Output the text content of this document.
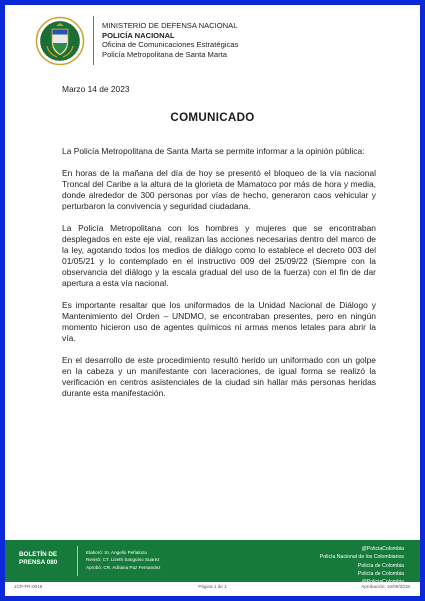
MINISTERIO DE DEFENSA NACIONAL
POLICÍA NACIONAL
Oficina de Comunicaciones Estratégicas
Policía Metropolitana de Santa Marta
Marzo 14 de 2023
COMUNICADO

La Policía Metropolitana de Santa Marta se permite informar a la opinión pública:

En horas de la mañana del día de hoy se presentó el bloqueo de la vía nacional Troncal del Caribe a la altura de la glorieta de Mamatoco por más de hora y media, donde alrededor de 300 personas por vías de hecho, generaron caos vehicular y perturbaron la convivencia y seguridad ciudadana.

La Policía Metropolitana con los hombres y mujeres que se encontraban desplegados en este eje vial, realizan las acciones necesarias dentro del marco de la ley, agotando todos los medios de diálogo como lo establece el decreto 003 del 01/05/21 y lo contemplado en el instructivo 009 del 25/09/22 (Siempre con la observancia del diálogo y la escala gradual del uso de la fuerza) con el fin de dar apertura a esta vía nacional.

Es importante resaltar que los uniformados de la Unidad Nacional de Diálogo y Mantenimiento del Orden – UNDMO, se encontraban presentes, pero en ningún momento hicieron uso de agentes químicos ni armas menos letales para abrir la vía.

En el desarrollo de este procedimiento resultó herido un uniformado con un golpe en la cabeza y un manifestante con laceraciones, de igual forma se realizó la verificación en centros asistenciales de la ciudad sin hallar más personas heridas durante esta manifestación.

BOLETÍN DE
PRENSA 080
Elaboró: SI. Angello Peñaloza
Revisó: CT. Lizeth Sanguino Suarez
Aprobó: CR. Adriana Paz Fernandez
@PoliciaColombia
Policía Nacional de los Colombianos
Policía de Colombia
Policía de Colombia
@PoliciaColombia
1CP-FR-0016	Página 1 de 1	Aprobación: 10/08/2016
